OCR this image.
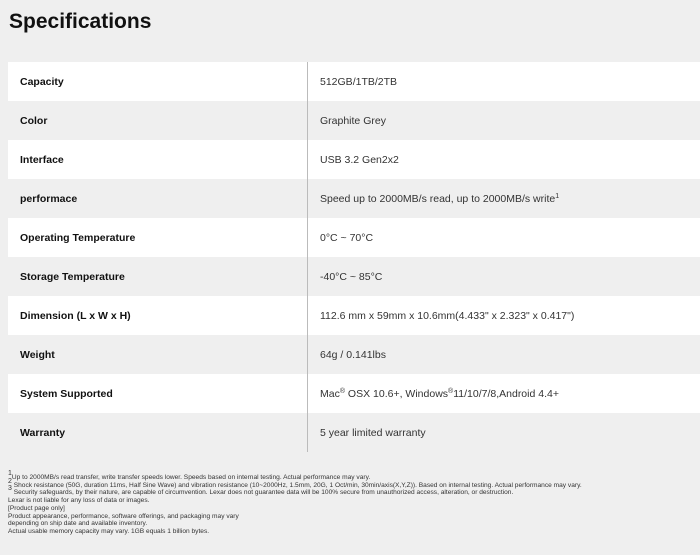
Specifications
Capacity	512GB/1TB/2TB
Color	Graphite Grey
Interface	USB 3.2 Gen2x2
performace	Speed up to 2000MB/s read, up to 2000MB/s write$^1$
Operating Temperature	0°C ~ 70°C
Storage Temperature	-40°C ~ 85°C
Dimension (L x W x H)	112.6 mm x 59mm x 10.6mm(4.433" x 2.323" x 0.417")
Weight	64g / 0.141lbs
System Supported	Mac® OSX 10.6+, Windows®11/10/7/8,Android 4.4+
Warranty	5 year limited warranty
$^1$Up to 2000MB/s read transfer, write transfer speeds lower. Speeds based on internal testing. Actual performance may vary.
$^2$ Shock resistance (50G, duration 11ms, Half Sine Wave) and vibration resistance (10~2000Hz, 1.5mm, 20G, 1 Oct/min, 30min/axis(X,Y,Z)). Based on internal testing. Actual performance may vary.
$^3$ Security safeguards, by their nature, are capable of circumvention. Lexar does not guarantee data will be 100% secure from unauthorized access, alteration, or destruction.
Lexar is not liable for any loss of data or images.
[Product page only]
Product appearance, performance, software offerings, and packaging may vary
depending on ship date and available inventory.
Actual usable memory capacity may vary. 1GB equals 1 billion bytes.
